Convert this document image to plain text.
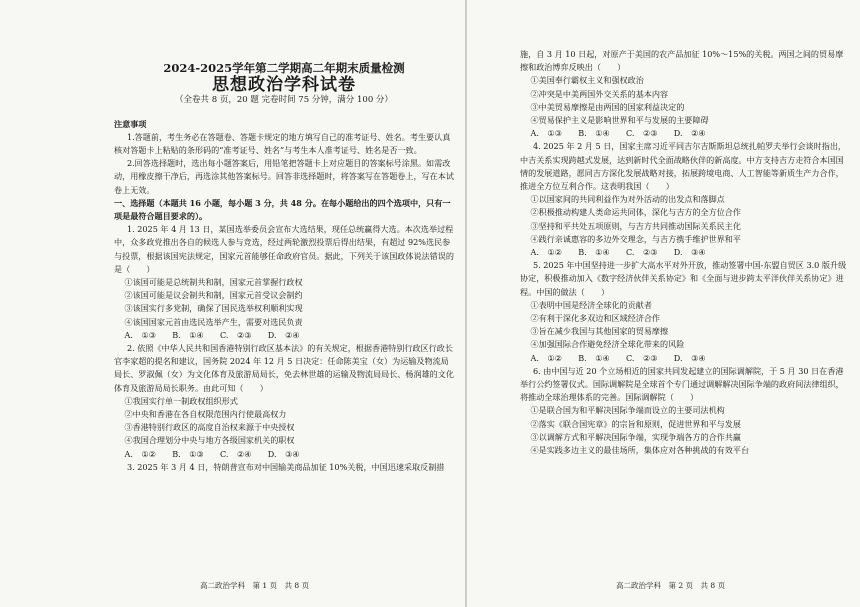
2024-2025学年第二学期高二年期末质量检测
思想政治学科试卷
（全卷共 8 页，20 题 完卷时间 75 分钟，满分 100 分）
注意事项
1.答题前，考生务必在答题卷、答题卡规定的地方填写自己的准考证号、姓名。考生要认真核对答题卡上粘贴的条形码的“准考证号、姓名”与考生本人准考证号、姓名是否一致。
2.回答选择题时，选出每小题答案后，用铅笔把答题卡上对应题目的答案标号涂黑。如需改动，用橡皮擦干净后，再选涂其他答案标号。回答非选择题时，将答案写在答题卷上，写在本试卷上无效。
一、选择题（本题共 16 小题，每小题 3 分，共 48 分。在每小题给出的四个选项中，只有一项是最符合题目要求的）。
1. 2025 年 4 月 13 日，某国选举委员会宣布大选结果，现任总统赢得大选。本次选举过程中，众多政党推出各自的候选人参与竞选，经过两轮激烈投票后得出结果，有超过 92%选民参与投票，根据该国宪法规定，国家元首能够任命政府官员。据此，下列关于该国政体说法错误的是（　　）
①该国可能是总统制共和制，国家元首掌握行政权
②该国可能是议会制共和制，国家元首受议会制约
③该国实行多党制，确保了国民选举权利顺利实现
④该国国家元首由选民选举产生，需要对选民负责
A. ①③　　B. ①④　　C. ②③　　D. ②④
2. 依照《中华人民共和国香港特别行政区基本法》的有关规定，根据香港特别行政区行政长官李家超的提名和建议，国务院 2024 年 12 月 5 日决定：任命陈美宝（女）为运输及物流局局长、罗淑佩（女）为文化体育及旅游局局长，免去林世雄的运输及物流局局长、杨润雄的文化体育及旅游局局长职务。由此可知（　　）
①我国实行单一制政权组织形式
②中央和香港在各自权限范围内行使最高权力
③香港特别行政区的高度自治权来源于中央授权
④我国合理划分中央与地方各级国家机关的职权
A. ①②　　B. ①③　　C. ②④　　D. ③④
3. 2025 年 3 月 4 日，特朗普宣布对中国输美商品加征 10%关税，中国迅速采取反制措
高二政治学科　第 1 页　共 8 页
施，自 3 月 10 日起，对原产于美国的农产品加征 10%～15%的关税。两国之间的贸易摩擦和政治博弈反映出（　　）
①美国奉行霸权主义和强权政治
②冲突是中美两国外交关系的基本内容
③中美贸易摩擦是由两国的国家利益决定的
④贸易保护主义是影响世界和平与发展的主要障碍
A. ①③　　B. ①④　　C. ②③　　D. ②④
4. 2025 年 2 月 5 日，国家主席习近平同吉尔吉斯斯坦总统扎帕罗夫举行会谈时指出，中吉关系实现跨越式发展，达到新时代全面战略伙伴的新高度。中方支持吉方走符合本国国情的发展道路，愿同吉方深化发展战略对接，拓展跨境电商、人工智能等新质生产力合作，推进全方位互利合作。这表明我国（　　）
①以国家间的共同利益作为对外活动的出发点和落脚点
②积极推动构建人类命运共同体，深化与吉方的全方位合作
③坚持和平共处五项原则，与吉方共同推动国际关系民主化
④践行亲诚惠容的多边外交理念，与吉方携手维护世界和平
A. ①②　　B. ①④　　C. ②③　　D. ③④
5. 2025 年中国坚持进一步扩大高水平对外开放，推动签署中国-东盟自贸区 3.0 版升级协定，积极推动加入《数字经济伙伴关系协定》和《全面与进步跨太平洋伙伴关系协定》进程。中国的做法（　　）
①表明中国是经济全球化的贡献者
②有利于深化多双边和区域经济合作
③旨在减少我国与其他国家的贸易摩擦
④加强国际合作避免经济全球化带来的风险
A. ①②　　B. ①④　　C. ②③　　D. ③④
6. 由中国与近 20 个立场相近的国家共同发起建立的国际调解院，于 5 月 30 日在香港举行公约签署仪式。国际调解院是全球首个专门通过调解解决国际争端的政府间法律组织，将推动全球治理体系的完善。国际调解院（　　）
①是联合国为和平解决国际争端而设立的主要司法机构
②落实《联合国宪章》的宗旨和原则，促进世界和平与发展
③以调解方式和平解决国际争端，实现争端各方的合作共赢
④是实践多边主义的最佳场所，集体应对各种挑战的有效平台
高二政治学科　第 2 页　共 8 页
